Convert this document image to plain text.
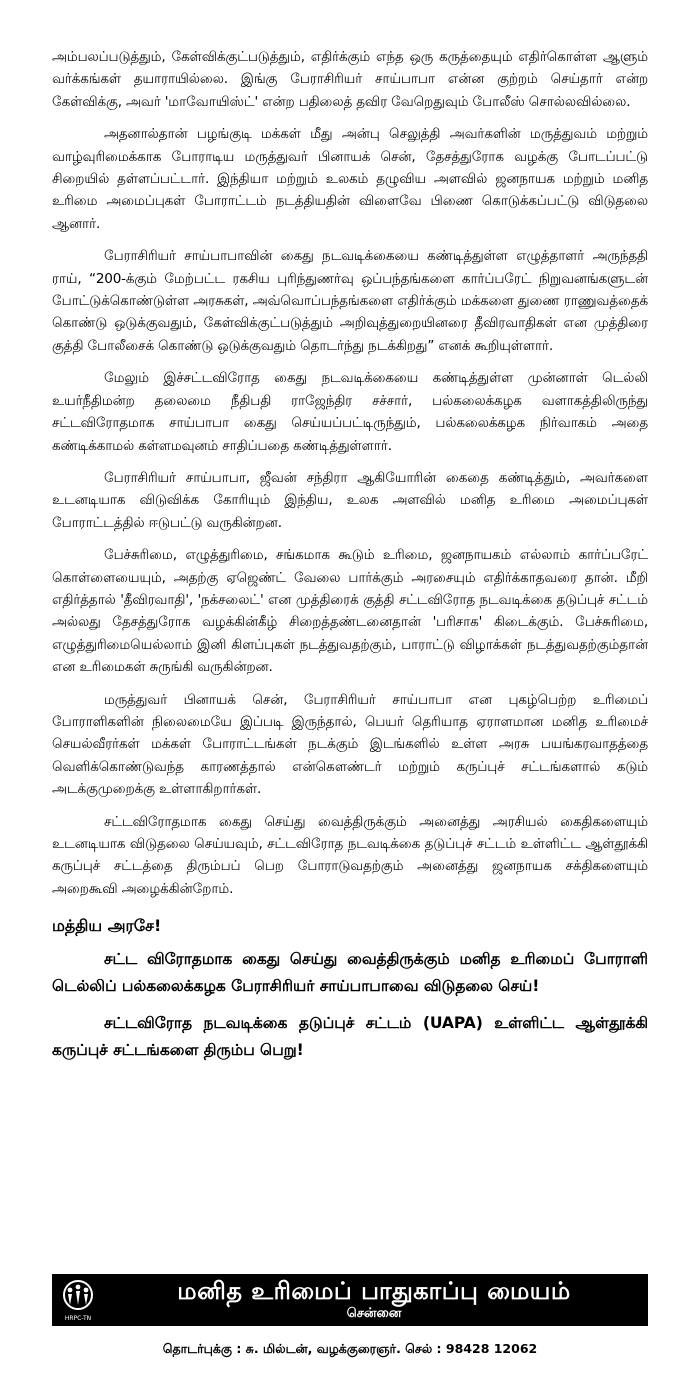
அம்பலப்படுத்தும், கேள்விக்குட்படுத்தும், எதிர்க்கும் எந்த ஒரு கருத்தையும் எதிர்கொள்ள ஆளும் வர்க்கங்கள் தயாராயில்லை. இங்கு பேராசிரியர் சாய்பாபா என்ன குற்றம் செய்தார் என்ற கேள்விக்கு, அவர் 'மாவோயிஸ்ட்' என்ற பதிலைத் தவிர வேறெதுவும் போலீஸ் சொல்லவில்லை.

அதனால்தான் பழங்குடி மக்கள் மீது அன்பு செலுத்தி அவர்களின் மருத்துவம் மற்றும் வாழ்வுரிமைக்காக போராடிய மருத்துவர் பினாயக் சென், தேசத்துரோக வழக்கு போடப்பட்டு சிறையில் தள்ளப்பட்டார். இந்தியா மற்றும் உலகம் தழுவிய அளவில் ஜனநாயக மற்றும் மனித உரிமை அமைப்புகள் போராட்டம் நடத்தியதின் விளைவே பிணை கொடுக்கப்பட்டு விடுதலை ஆனார்.

பேராசிரியர் சாய்பாபாவின் கைது நடவடிக்கையை கண்டித்துள்ள எழுத்தாளர் அருந்ததி ராய், “200-க்கும் மேற்பட்ட ரகசிய புரிந்துணர்வு ஒப்பந்தங்களை கார்ப்பரேட் நிறுவனங்களுடன் போட்டுக்கொண்டுள்ள அரசுகள், அவ்வொப்பந்தங்களை எதிர்க்கும் மக்களை துணை ராணுவத்தைக் கொண்டு ஒடுக்குவதும், கேள்விக்குட்படுத்தும் அறிவுத்துறையினரை தீவிரவாதிகள் என முத்திரை குத்தி போலீசைக் கொண்டு ஒடுக்குவதும் தொடர்ந்து நடக்கிறது” எனக் கூறியுள்ளார்.

மேலும் இச்சட்டவிரோத கைது நடவடிக்கையை கண்டித்துள்ள முன்னாள் டெல்லி உயர்நீதிமன்ற தலைமை நீதிபதி ராஜேந்திர சச்சார், பல்கலைக்கழக வளாகத்திலிருந்து சட்டவிரோதமாக சாய்பாபா கைது செய்யப்பட்டிருந்தும், பல்கலைக்கழக நிர்வாகம் அதை கண்டிக்காமல் கள்ளமவுனம் சாதிப்பதை கண்டித்துள்ளார்.

பேராசிரியர் சாய்பாபா, ஜீவன் சந்திரா ஆகியோரின் கைதை கண்டித்தும், அவர்களை உடனடியாக விடுவிக்க கோரியும் இந்திய, உலக அளவில் மனித உரிமை அமைப்புகள் போராட்டத்தில் ஈடுபட்டு வருகின்றன.

பேச்சுரிமை, எழுத்துரிமை, சங்கமாக கூடும் உரிமை, ஜனநாயகம் எல்லாம் கார்ப்பரேட் கொள்ளையையும், அதற்கு ஏஜெண்ட் வேலை பார்க்கும் அரசையும் எதிர்க்காதவரை தான். மீறி எதிர்த்தால் 'தீவிரவாதி', 'நக்சலைட்' என முத்திரைக் குத்தி சட்டவிரோத நடவடிக்கை தடுப்புச் சட்டம் அல்லது தேசத்துரோக வழக்கின்கீழ் சிறைத்தண்டனைதான் 'பரிசாக' கிடைக்கும். பேச்சுரிமை, எழுத்துரிமையெல்லாம் இனி கிளப்புகள் நடத்துவதற்கும், பாராட்டு விழாக்கள் நடத்துவதற்கும்தான் என உரிமைகள் சுருங்கி வருகின்றன.

மருத்துவர் பினாயக் சென், பேராசிரியர் சாய்பாபா என புகழ்பெற்ற உரிமைப் போராளிகளின் நிலைமையே இப்படி இருந்தால், பெயர் தெரியாத ஏராளமான மனித உரிமைச் செயல்வீரர்கள் மக்கள் போராட்டங்கள் நடக்கும் இடங்களில் உள்ள அரசு பயங்கரவாதத்தை வெளிக்கொண்டுவந்த காரணத்தால் என்கௌண்டர் மற்றும் கருப்புச் சட்டங்களால் கடும் அடக்குமுறைக்கு உள்ளாகிறார்கள்.

சட்டவிரோதமாக கைது செய்து வைத்திருக்கும் அனைத்து அரசியல் கைதிகளையும் உடனடியாக விடுதலை செய்யவும், சட்டவிரோத நடவடிக்கை தடுப்புச் சட்டம் உள்ளிட்ட ஆள்தூக்கி கருப்புச் சட்டத்தை திரும்பப் பெற போராடுவதற்கும் அனைத்து ஜனநாயக சக்திகளையும் அறைகூவி அழைக்கின்றோம்.

மத்திய அரசே!

சட்ட விரோதமாக கைது செய்து வைத்திருக்கும் மனித உரிமைப் போராளி டெல்லிப் பல்கலைக்கழக பேராசிரியர் சாய்பாபாவை விடுதலை செய்!

சட்டவிரோத நடவடிக்கை தடுப்புச் சட்டம் (UAPA) உள்ளிட்ட ஆள்தூக்கி கருப்புச் சட்டங்களை திரும்ப பெறு!

HRPC-TN
மனித உரிமைப் பாதுகாப்பு மையம்
சென்னை
தொடர்புக்கு : சு. மில்டன், வழக்குரைஞர். செல் : 98428 12062
